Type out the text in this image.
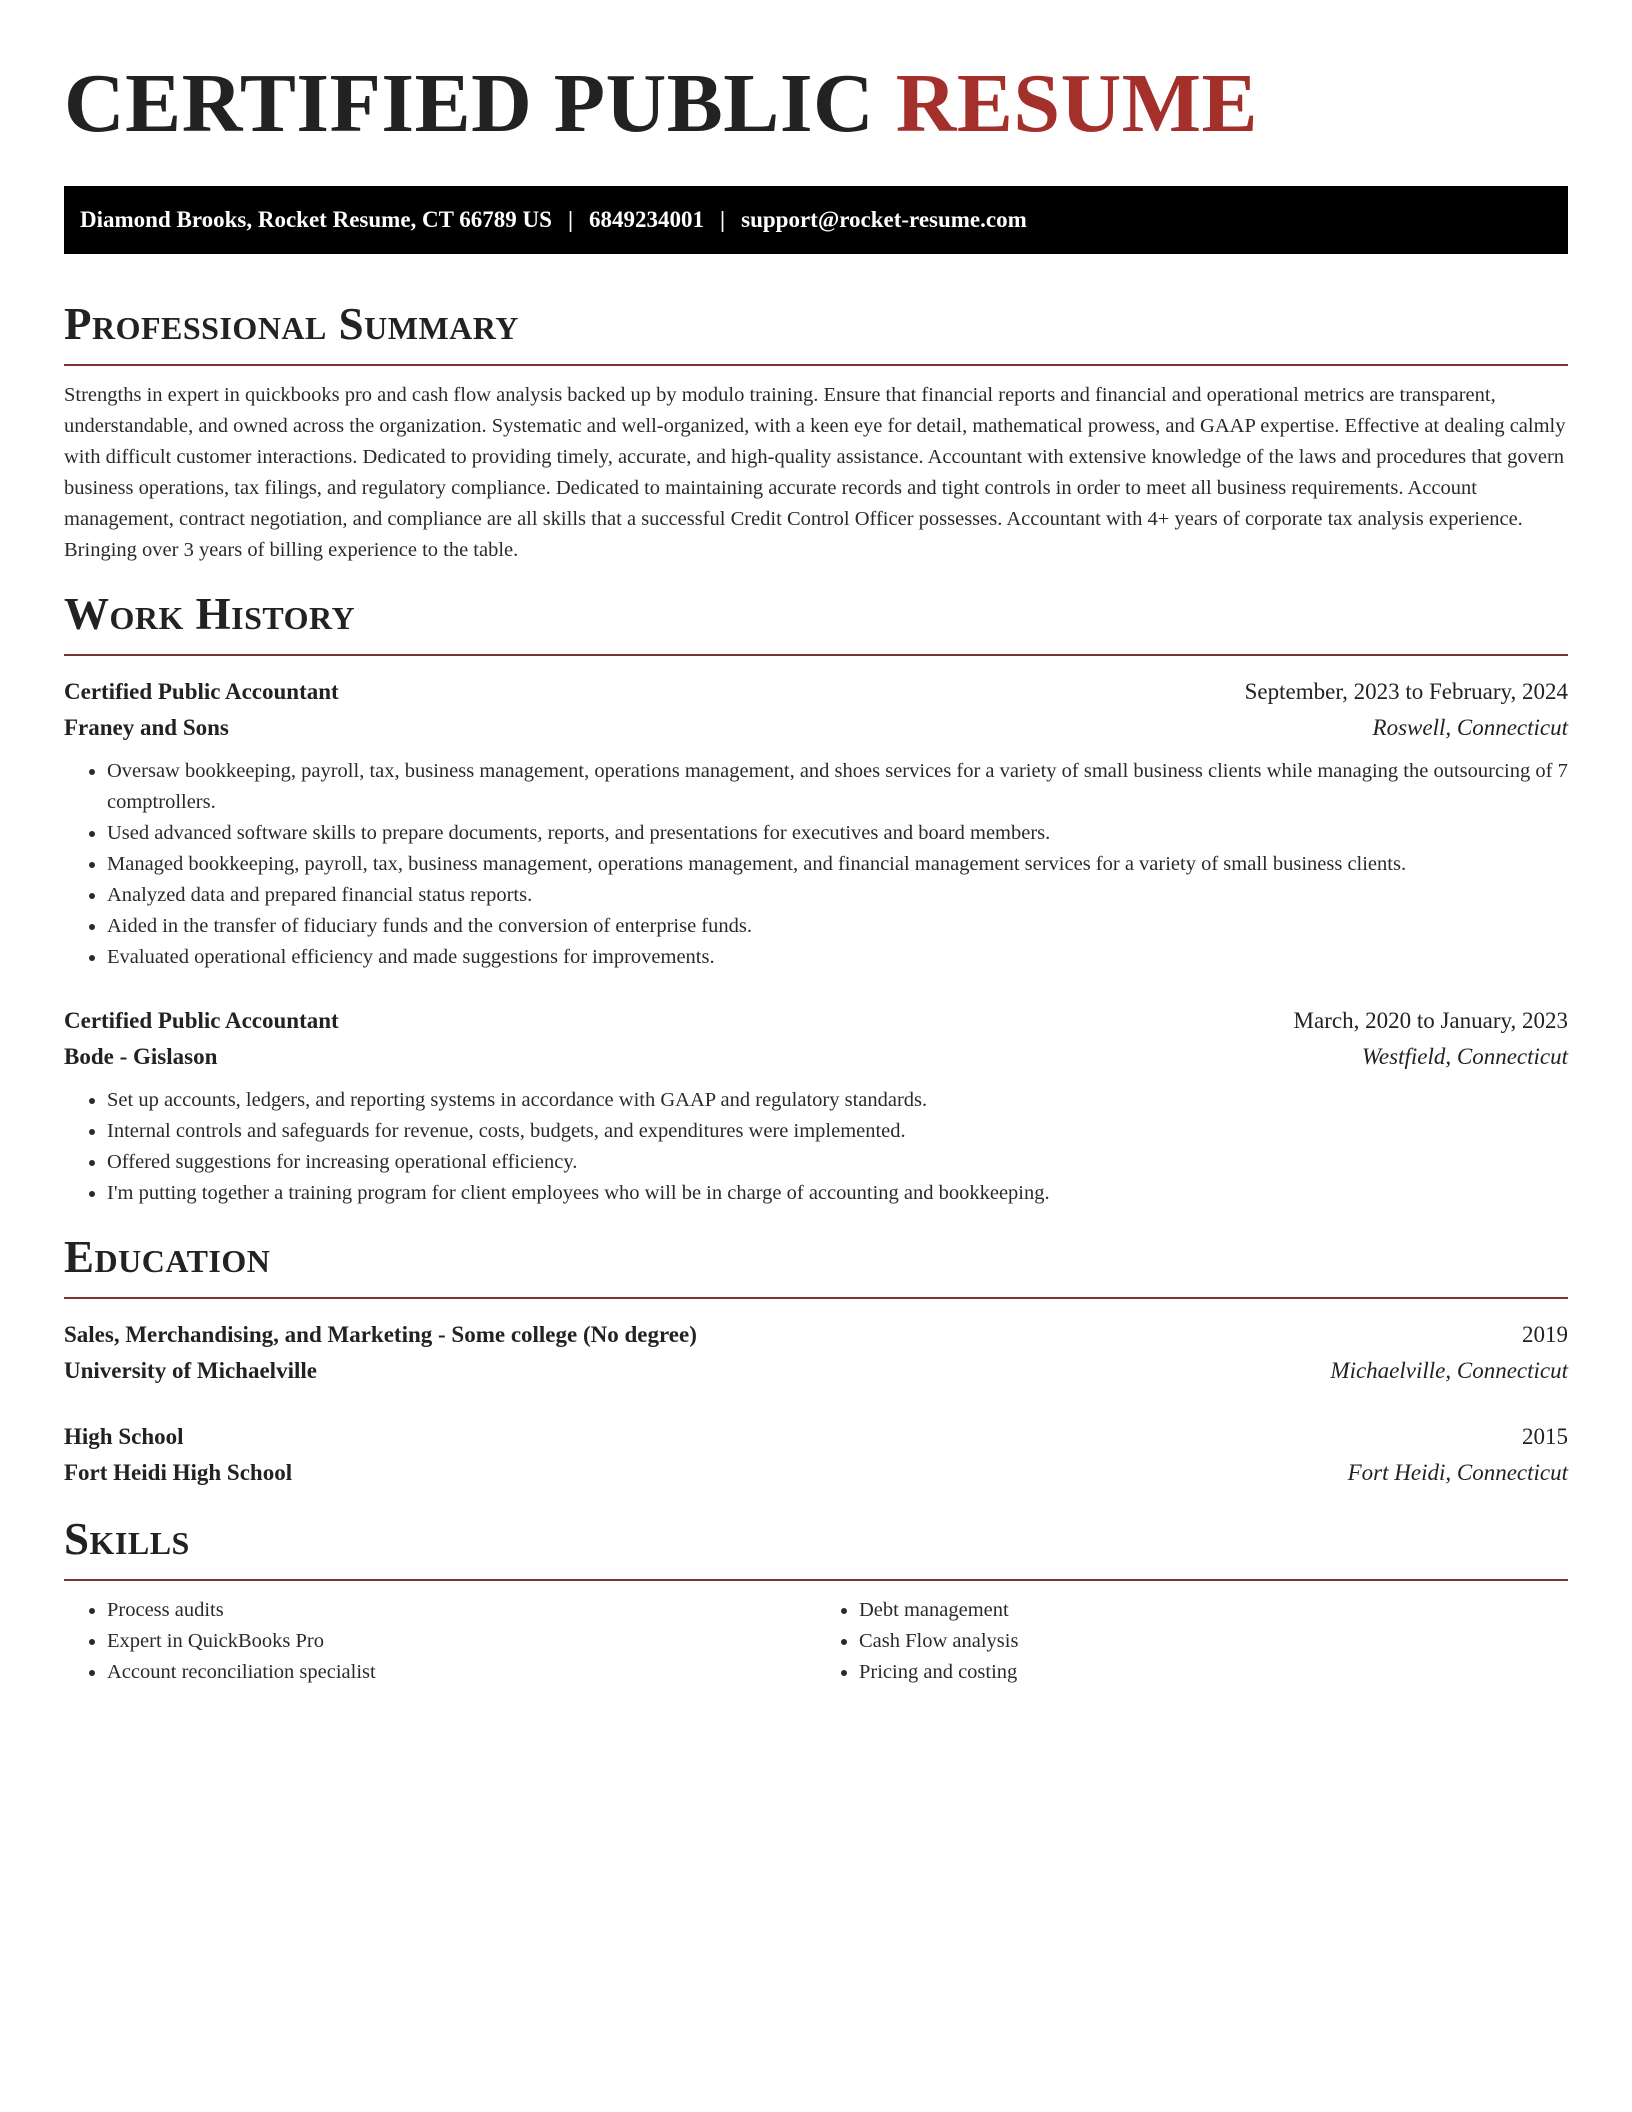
CERTIFIED PUBLIC RESUME
Diamond Brooks, Rocket Resume, CT 66789 US | 6849234001 | support@rocket-resume.com
Professional Summary

Strengths in expert in quickbooks pro and cash flow analysis backed up by modulo training. Ensure that financial reports and financial and operational metrics are transparent, understandable, and owned across the organization. Systematic and well-organized, with a keen eye for detail, mathematical prowess, and GAAP expertise. Effective at dealing calmly with difficult customer interactions. Dedicated to providing timely, accurate, and high-quality assistance. Accountant with extensive knowledge of the laws and procedures that govern business operations, tax filings, and regulatory compliance. Dedicated to maintaining accurate records and tight controls in order to meet all business requirements. Account management, contract negotiation, and compliance are all skills that a successful Credit Control Officer possesses. Accountant with 4+ years of corporate tax analysis experience. Bringing over 3 years of billing experience to the table.

Work History
Certified Public Accountant	September, 2023 to February, 2024
Franey and Sons	Roswell, Connecticut
• Oversaw bookkeeping, payroll, tax, business management, operations management, and shoes services for a variety of small business clients while managing the outsourcing of 7 comptrollers.
• Used advanced software skills to prepare documents, reports, and presentations for executives and board members.
• Managed bookkeeping, payroll, tax, business management, operations management, and financial management services for a variety of small business clients.
• Analyzed data and prepared financial status reports.
• Aided in the transfer of fiduciary funds and the conversion of enterprise funds.
• Evaluated operational efficiency and made suggestions for improvements.
Certified Public Accountant	March, 2020 to January, 2023
Bode - Gislason	Westfield, Connecticut
• Set up accounts, ledgers, and reporting systems in accordance with GAAP and regulatory standards.
• Internal controls and safeguards for revenue, costs, budgets, and expenditures were implemented.
• Offered suggestions for increasing operational efficiency.
• I'm putting together a training program for client employees who will be in charge of accounting and bookkeeping.
Education
Sales, Merchandising, and Marketing - Some college (No degree)	2019
University of Michaelville	Michaelville, Connecticut
High School	2015
Fort Heidi High School	Fort Heidi, Connecticut
Skills
• Process audits
• Expert in QuickBooks Pro
• Account reconciliation specialist
• Debt management
• Cash Flow analysis
• Pricing and costing
